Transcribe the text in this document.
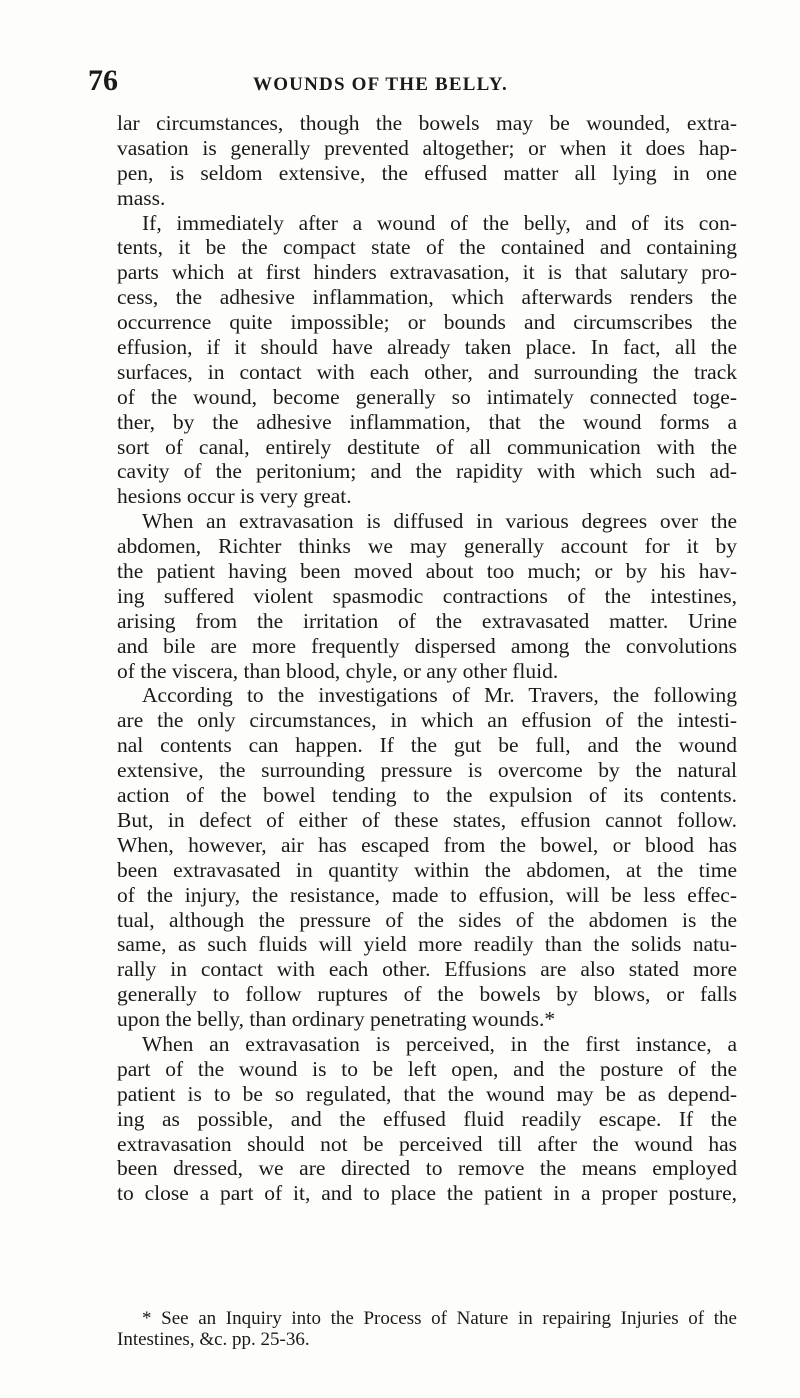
76	WOUNDS OF THE BELLY.
lar circumstances, though the bowels may be wounded, extra-
vasation is generally prevented altogether; or when it does hap-
pen, is seldom extensive, the effused matter all lying in one
mass.
If, immediately after a wound of the belly, and of its con-
tents, it be the compact state of the contained and containing
parts which at first hinders extravasation, it is that salutary pro-
cess, the adhesive inflammation, which afterwards renders the
occurrence quite impossible; or bounds and circumscribes the
effusion, if it should have already taken place. In fact, all the
surfaces, in contact with each other, and surrounding the track
of the wound, become generally so intimately connected toge-
ther, by the adhesive inflammation, that the wound forms a
sort of canal, entirely destitute of all communication with the
cavity of the peritonium; and the rapidity with which such ad-
hesions occur is very great.
When an extravasation is diffused in various degrees over the
abdomen, Richter thinks we may generally account for it by
the patient having been moved about too much; or by his hav-
ing suffered violent spasmodic contractions of the intestines,
arising from the irritation of the extravasated matter. Urine
and bile are more frequently dispersed among the convolutions
of the viscera, than blood, chyle, or any other fluid.
According to the investigations of Mr. Travers, the following
are the only circumstances, in which an effusion of the intesti-
nal contents can happen. If the gut be full, and the wound
extensive, the surrounding pressure is overcome by the natural
action of the bowel tending to the expulsion of its contents.
But, in defect of either of these states, effusion cannot follow.
When, however, air has escaped from the bowel, or blood has
been extravasated in quantity within the abdomen, at the time
of the injury, the resistance, made to effusion, will be less effec-
tual, although the pressure of the sides of the abdomen is the
same, as such fluids will yield more readily than the solids natu-
rally in contact with each other. Effusions are also stated more
generally to follow ruptures of the bowels by blows, or falls
upon the belly, than ordinary penetrating wounds.*
When an extravasation is perceived, in the first instance, a
part of the wound is to be left open, and the posture of the
patient is to be so regulated, that the wound may be as depend-
ing as possible, and the effused fluid readily escape. If the
extravasation should not be perceived till after the wound has
been dressed, we are directed to remoѵe the means employed
to close a part of it, and to place the patient in a proper posture,
* See an Inquiry into the Process of Nature in repairing Injuries of the
Intestines, &c. pp. 25-36.
